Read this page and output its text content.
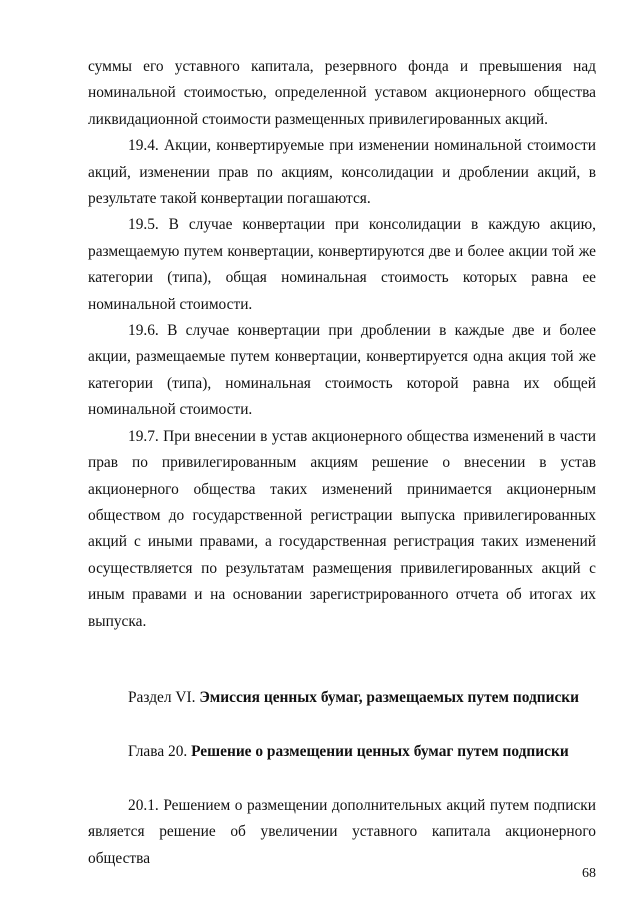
суммы его уставного капитала, резервного фонда и превышения над номинальной стоимостью, определенной уставом акционерного общества ликвидационной стоимости размещенных привилегированных акций.

19.4. Акции, конвертируемые при изменении номинальной стоимости акций, изменении прав по акциям, консолидации и дроблении акций, в результате такой конвертации погашаются.

19.5. В случае конвертации при консолидации в каждую акцию, размещаемую путем конвертации, конвертируются две и более акции той же категории (типа), общая номинальная стоимость которых равна ее номинальной стоимости.

19.6. В случае конвертации при дроблении в каждые две и более акции, размещаемые путем конвертации, конвертируется одна акция той же категории (типа), номинальная стоимость которой равна их общей номинальной стоимости.

19.7. При внесении в устав акционерного общества изменений в части прав по привилегированным акциям решение о внесении в устав акционерного общества таких изменений принимается акционерным обществом до государственной регистрации выпуска привилегированных акций с иными правами, а государственная регистрация таких изменений осуществляется по результатам размещения привилегированных акций с иным правами и на основании зарегистрированного отчета об итогах их выпуска.

Раздел VI. Эмиссия ценных бумаг, размещаемых путем подписки

Глава 20. Решение о размещении ценных бумаг путем подписки

20.1. Решением о размещении дополнительных акций путем подписки является решение об увеличении уставного капитала акционерного общества

68
